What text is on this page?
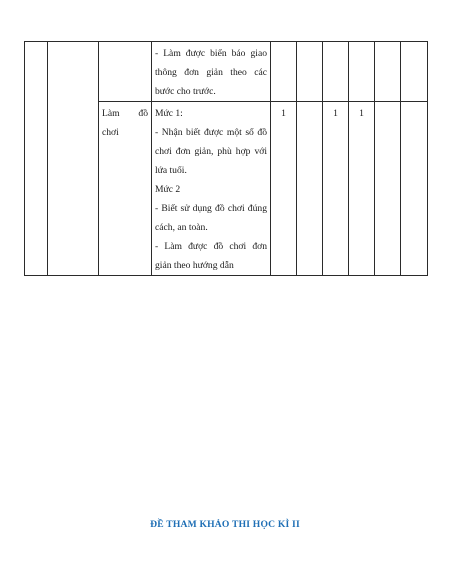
			- Làm được biển báo giao thông đơn giản theo các bước cho trước.						

		Làm đồ chơi	Mức 1:

- Nhận biết được một số đồ chơi đơn giản, phù hợp với lứa tuổi.

Mức 2

- Biết sử dụng đồ chơi đúng cách, an toàn.

- Làm được đồ chơi đơn giản theo hướng dẫn	1		1	1		
ĐỀ THAM KHẢO THI HỌC KÌ II
